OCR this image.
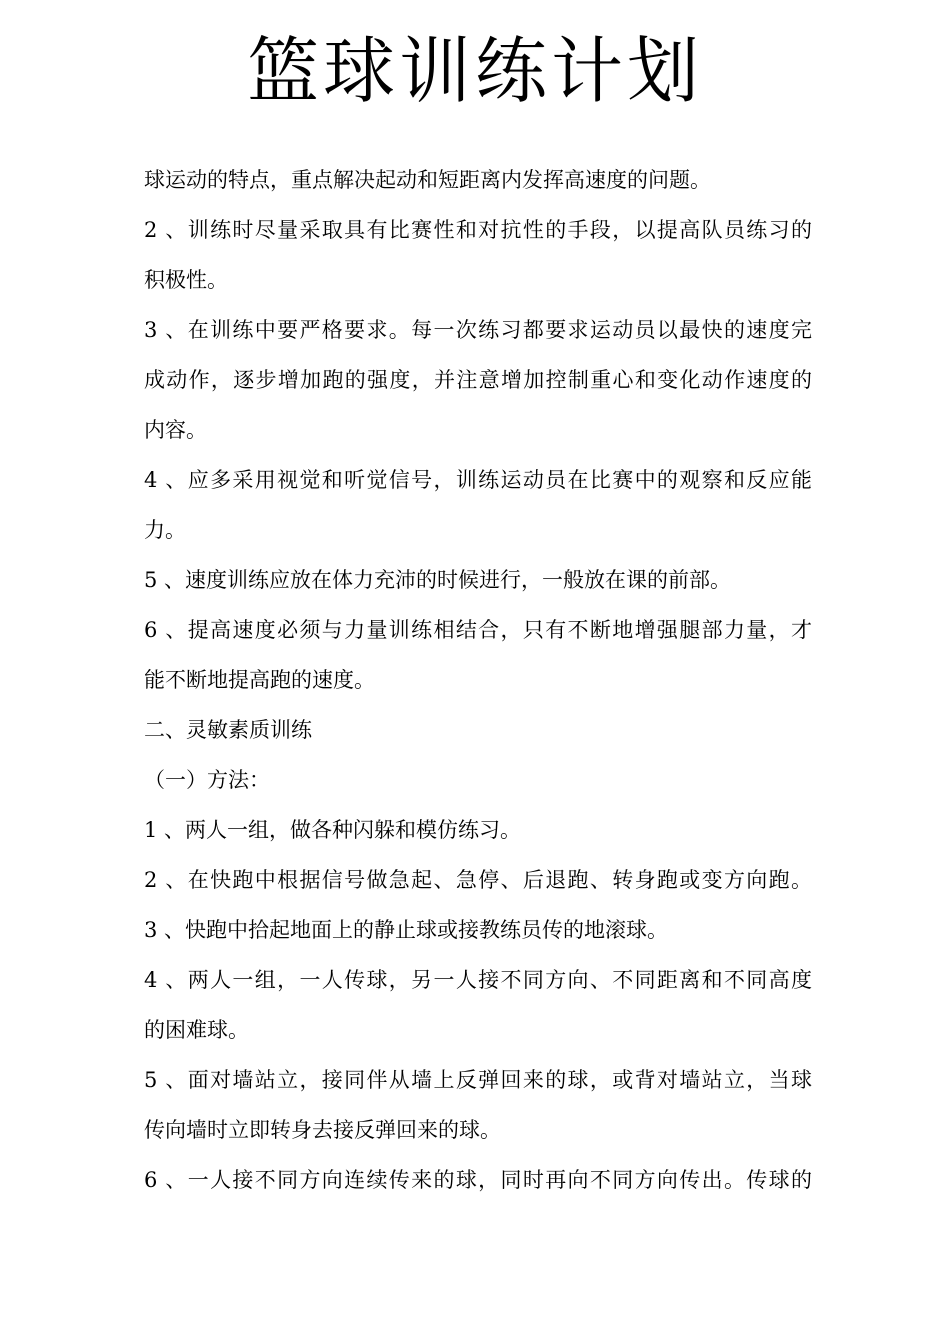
篮球训练计划
球运动的特点，重点解决起动和短距离内发挥高速度的问题。
2 、训练时尽量采取具有比赛性和对抗性的手段，以提高队员练习的
积极性。
3 、在训练中要严格要求。每一次练习都要求运动员以最快的速度完
成动作，逐步增加跑的强度，并注意增加控制重心和变化动作速度的
内容。
4 、应多采用视觉和听觉信号，训练运动员在比赛中的观察和反应能
力。
5 、速度训练应放在体力充沛的时候进行，一般放在课的前部。
6 、提高速度必须与力量训练相结合，只有不断地增强腿部力量，才
能不断地提高跑的速度。
二、灵敏素质训练
（一）方法：
1 、两人一组，做各种闪躲和模仿练习。
2 、在快跑中根据信号做急起、急停、后退跑、转身跑或变方向跑。
3 、快跑中拾起地面上的静止球或接教练员传的地滚球。
4 、两人一组，一人传球，另一人接不同方向、不同距离和不同高度
的困难球。
5 、面对墙站立，接同伴从墙上反弹回来的球，或背对墙站立，当球
传向墙时立即转身去接反弹回来的球。
6 、一人接不同方向连续传来的球，同时再向不同方向传出。传球的
